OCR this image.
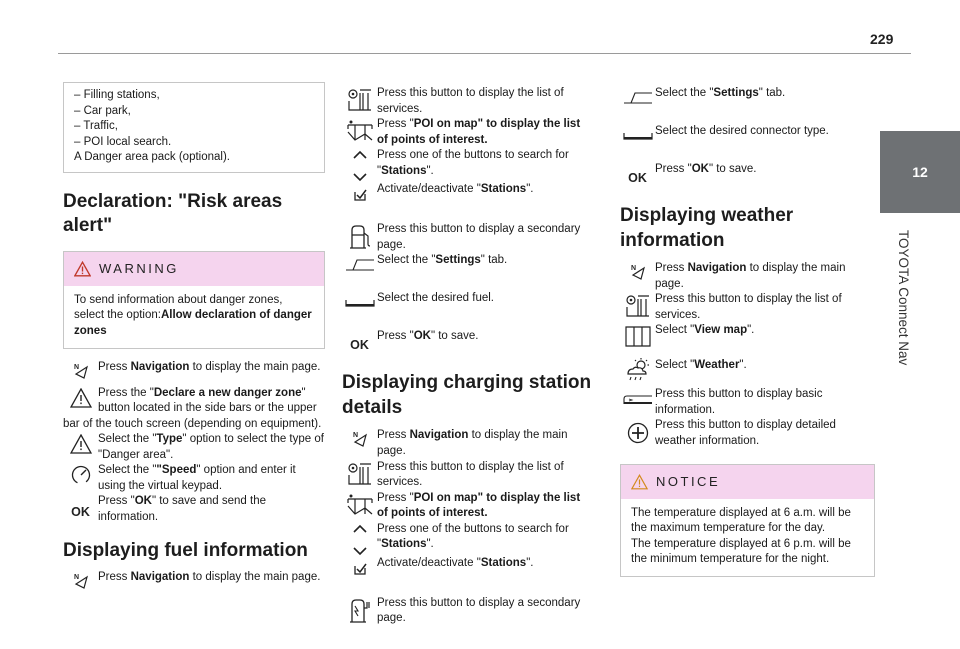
229
12
TOYOTA Connect Nav

– Filling stations,

– Car park,

– Traffic,

– POI local search.

A Danger area pack (optional).

Declaration: "Risk areas alert"
WARNING
To send information about danger zones, select the option:Allow declaration of danger zones
N Press Navigation to display the main page.
Press the "Declare a new danger zone" button located in the side bars or the upper bar of the touch screen (depending on equipment).
Select the "Type" option to select the type of "Danger area".
Select the ""Speed" option and enter it using the virtual keypad.
OK
Press "OK" to save and send the information.
Displaying fuel information
N Press Navigation to display the main page.
Press this button to display the list of services.
Press "POI on map" to display the list of points of interest.
Press one of the buttons to search for "Stations".
Activate/deactivate "Stations".
Press this button to display a secondary page.
Select the "Settings" tab.
Select the desired fuel.
OK
Press "OK" to save.
Displaying charging station details
N Press Navigation to display the main page.
Press this button to display the list of services.
Press "POI on map" to display the list of points of interest.
Press one of the buttons to search for "Stations".
Activate/deactivate "Stations".
Press this button to display a secondary page.
Select the "Settings" tab.
Select the desired connector type.
OK
Press "OK" to save.
Displaying weather information
N Press Navigation to display the main page.
Press this button to display the list of services.
Select "View map".
Select "Weather".
Press this button to display basic information.
Press this button to display detailed weather information.
NOTICE

The temperature displayed at 6 a.m. will be the maximum temperature for the day.

The temperature displayed at 6 p.m. will be the minimum temperature for the night.
